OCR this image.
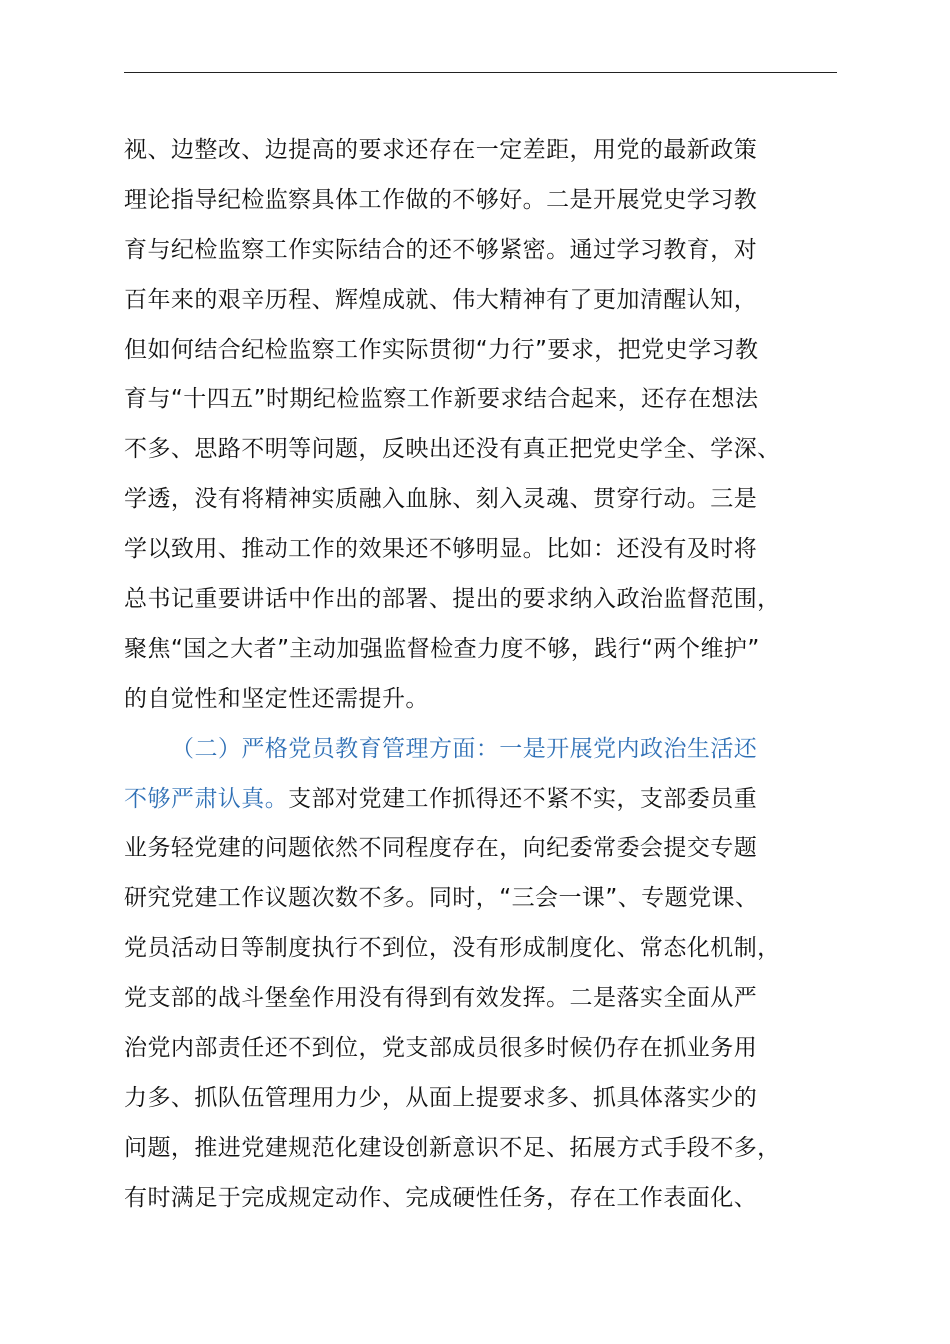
视、边整改、边提高的要求还存在一定差距，用党的最新政策
理论指导纪检监察具体工作做的不够好。二是开展党史学习教
育与纪检监察工作实际结合的还不够紧密。通过学习教育，对
百年来的艰辛历程、辉煌成就、伟大精神有了更加清醒认知，
但如何结合纪检监察工作实际贯彻“力行”要求，把党史学习教
育与“十四五”时期纪检监察工作新要求结合起来，还存在想法
不多、思路不明等问题，反映出还没有真正把党史学全、学深、
学透，没有将精神实质融入血脉、刻入灵魂、贯穿行动。三是
学以致用、推动工作的效果还不够明显。比如：还没有及时将
总书记重要讲话中作出的部署、提出的要求纳入政治监督范围，
聚焦“国之大者”主动加强监督检查力度不够，践行“两个维护”
的自觉性和坚定性还需提升。
（二）严格党员教育管理方面：一是开展党内政治生活还
不够严肃认真。支部对党建工作抓得还不紧不实，支部委员重
业务轻党建的问题依然不同程度存在，向纪委常委会提交专题
研究党建工作议题次数不多。同时，“三会一课”、专题党课、
党员活动日等制度执行不到位，没有形成制度化、常态化机制，
党支部的战斗堡垒作用没有得到有效发挥。二是落实全面从严
治党内部责任还不到位，党支部成员很多时候仍存在抓业务用
力多、抓队伍管理用力少，从面上提要求多、抓具体落实少的
问题，推进党建规范化建设创新意识不足、拓展方式手段不多，
有时满足于完成规定动作、完成硬性任务，存在工作表面化、
